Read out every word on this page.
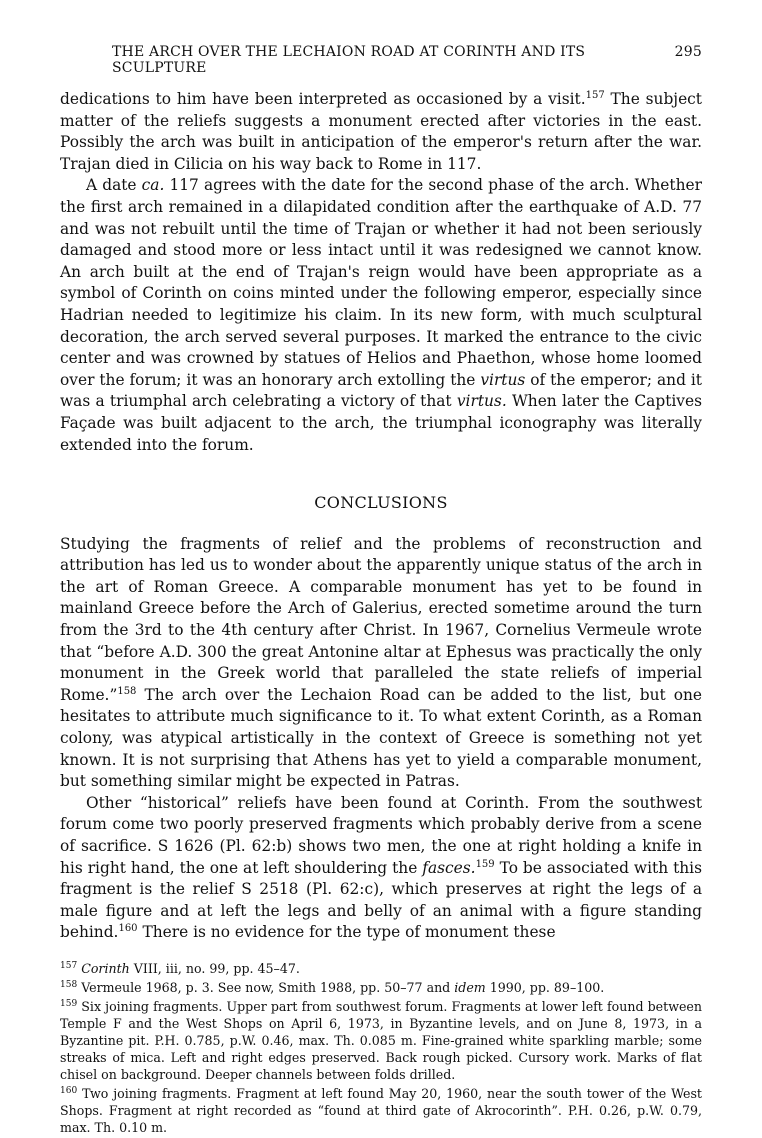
THE ARCH OVER THE LECHAION ROAD AT CORINTH AND ITS SCULPTURE
295

dedications to him have been interpreted as occasioned by a visit.$^{157}$ The subject matter of the reliefs suggests a monument erected after victories in the east. Possibly the arch was built in anticipation of the emperor's return after the war. Trajan died in Cilicia on his way back to Rome in 117.

A date ca. 117 agrees with the date for the second phase of the arch. Whether the first arch remained in a dilapidated condition after the earthquake of A.D. 77 and was not rebuilt until the time of Trajan or whether it had not been seriously damaged and stood more or less intact until it was redesigned we cannot know. An arch built at the end of Trajan's reign would have been appropriate as a symbol of Corinth on coins minted under the following emperor, especially since Hadrian needed to legitimize his claim. In its new form, with much sculptural decoration, the arch served several purposes. It marked the entrance to the civic center and was crowned by statues of Helios and Phaethon, whose home loomed over the forum; it was an honorary arch extolling the virtus of the emperor; and it was a triumphal arch celebrating a victory of that virtus. When later the Captives Façade was built adjacent to the arch, the triumphal iconography was literally extended into the forum.

CONCLUSIONS

Studying the fragments of relief and the problems of reconstruction and attribution has led us to wonder about the apparently unique status of the arch in the art of Roman Greece. A comparable monument has yet to be found in mainland Greece before the Arch of Galerius, erected sometime around the turn from the 3rd to the 4th century after Christ. In 1967, Cornelius Vermeule wrote that “before A.D. 300 the great Antonine altar at Ephesus was practically the only monument in the Greek world that paralleled the state reliefs of imperial Rome.”$^{158}$ The arch over the Lechaion Road can be added to the list, but one hesitates to attribute much significance to it. To what extent Corinth, as a Roman colony, was atypical artistically in the context of Greece is something not yet known. It is not surprising that Athens has yet to yield a comparable monument, but something similar might be expected in Patras.

Other “historical” reliefs have been found at Corinth. From the southwest forum come two poorly preserved fragments which probably derive from a scene of sacrifice. S 1626 (Pl. 62:b) shows two men, the one at right holding a knife in his right hand, the one at left shouldering the fasces.$^{159}$ To be associated with this fragment is the relief S 2518 (Pl. 62:c), which preserves at right the legs of a male figure and at left the legs and belly of an animal with a figure standing behind.$^{160}$ There is no evidence for the type of monument these

$^{157}$ Corinth VIII, iii, no. 99, pp. 45–47.

$^{158}$ Vermeule 1968, p. 3. See now, Smith 1988, pp. 50–77 and idem 1990, pp. 89–100.

$^{159}$ Six joining fragments. Upper part from southwest forum. Fragments at lower left found between Temple F and the West Shops on April 6, 1973, in Byzantine levels, and on June 8, 1973, in a Byzantine pit. P.H. 0.785, p.W. 0.46, max. Th. 0.085 m. Fine-grained white sparkling marble; some streaks of mica. Left and right edges preserved. Back rough picked. Cursory work. Marks of flat chisel on background. Deeper channels between folds drilled.

$^{160}$ Two joining fragments. Fragment at left found May 20, 1960, near the south tower of the West Shops. Fragment at right recorded as “found at third gate of Akrocorinth”. P.H. 0.26, p.W. 0.79, max. Th. 0.10 m.
